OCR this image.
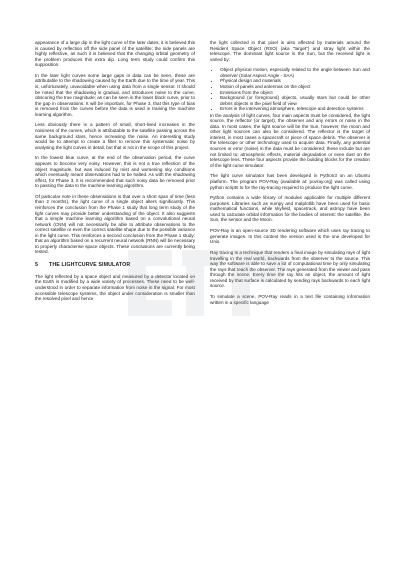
appearance of a large dip in the light curve of the later dates, it is believed this is caused by reflection off the side panel of the satellite; the side panels are highly reflective, as such it is believed that the changing orbital geometry of the problem produces this extra dip. Long term study could confirm this supposition.

In the later light curves some large gaps in data can be seen, these are attributable to the shadowing caused by the Earth due to the time of year. This is, unfortunately, unavoidable when using data from a single sensor. It should be noted that the shadowing is gradual, and introduces noise to the curve, obscuring the true magnitude; as can be seen in the lower black curve, prior to the gap in observations. It will be important, for Phase 3, that this type of bias is removed from the curves before the data is used in training the machine learning algorithm.

Less obviously there is a pattern of small, short-lived increases in the noisiness of the curves, which is attributable to the satellite passing across the same background stars, hence increasing the noise. An interesting study would be to attempt to create a filter to remove this systematic noise by analysing the light curves in detail, but that is not in the scope of this project.

In the lowest blue curve, at the end of the observation period, the curve appears to become very noisy. However, this is not a true reflection of the object magnitude, but was induced by mist and worsening sky conditions which eventually meant observations had to be halted. As with the shadowing effect, for Phase 3, it is recommended that such noisy data be removed prior to passing the data to the machine learning algorithm.

Of particular note in these observations is that over a short span of time (less than 2 months), the light curve of a single object alters significantly. This reinforces the conclusion from the Phase 1 study that long term study of the light curves may provide better understanding of the object. It also suggests that a simple machine learning algorithm based on a convolutional neural network (CNN) will not necessarily be able to attribute observations to the correct satellite or even the correct satellite shape due to the possible variance in the light curve. This reinforces a second conclusion from the Phase 1 study: that an algorithm based on a recurrent neural network (RNN) will be necessary to properly characterise space objects. These conclusions are currently being tested.

5 THE LIGHTCURVE SIMULATOR

The light reflected by a space object and measured by a detector located on the Earth is modified by a wide variety of processes. These need to be well-understood in order to separate information from noise in the signal. For most accessible telescope systems, the object under consideration is smaller than the resolved pixel and hence

the light collected in that pixel is also affected by materials around the Resident Space Object (RSO) (aka "target") and stray light within the telescope. The dominant light source is the Sun, but the received light is varied by:

• Object physical motion, especially related to the angle between Sun and observer (Solar Aspect Angle - SAA)
• Physical design and materials
• Motion of panels and antennas on the object
• Emissions from the object
• Background (or foreground) objects, usually stars but could be other debris objects in the pixel field of view
• Errors in the intervening atmosphere, telescope and detection systems

In the analysis of light curves, four main aspects must be considered, the light source, the reflector (or target), the observer and any errors or noise in the data. In most cases, the light source will be the Sun, however, the moon and other light sources can also be considered. The reflector is the target of interest, in most cases a spacecraft or piece of space debris. The observer is the telescope or other technology used to acquire data. Finally, any potential sources or error (noise) in the data must be considered; these include but are not limited to; atmospheric effects, material degradation or even dust on the telescope lens. These four aspects provide the building blocks for the creation of the light curve simulator.

The light curve simulator has been developed in Python3 on an Ubuntu platform. The program POV-Ray (available at: povray.org) was called using python scripts to for the ray-tracing required to produce the light curve.

Python contains a wide library of modules applicable for multiple different purposes. Libraries such as numpy and matplotlib have been used for basic mathematical functions, while skyfield, spacetrack, and astropy have been used to calculate orbital information for the bodies of interest: the satellite, the Sun, the sensor and the Moon.

POV-Ray is an open-source 3D rendering software which uses ray tracing to generate images. In this context the version used is the one developed for Unix.

Ray tracing is a technique that renders a final image by simulating rays of light travelling in the real world, backwards from the observer to the source. This way the software is able to save a lot of computational time by only simulating the rays that reach the observer. The rays generated from the viewer and pass through the scene. Every time the ray hits an object, the amount of light received by that surface is calculated by sending rays backwards to each light source.

To simulate a scene, POV-Ray reads in a text file containing information written in a specific language
